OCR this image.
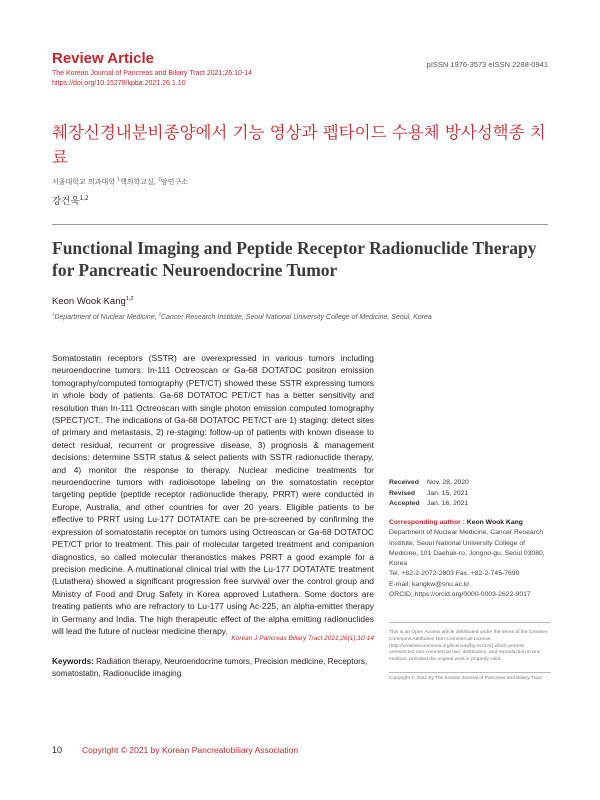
Review Article
The Korean Journal of Pancreas and Biliary Tract 2021;26:10-14
https://doi.org/10.15279/kpba.2021.26.1.10
pISSN 1976-3573 eISSN 2288-0941
췌장신경내분비종양에서 기능 영상과 펩타이드 수용체 방사성핵종 치료
서울대학교 의과대학 $^1$핵의학교실, $^2$암연구소
강건욱$^{1,2}$
Functional Imaging and Peptide Receptor Radionuclide Therapy for Pancreatic Neuroendocrine Tumor
Keon Wook Kang$^{1,2}$
$^1$Department of Nuclear Medicine, $^2$Cancer Research Institute, Seoul National University College of Medicine, Seoul, Korea
Somatostatin receptors (SSTR) are overexpressed in various tumors including neuroendocrine tumors. In-111 Octreoscan or Ga-68 DOTATOC positron emission tomography/computed tomography (PET/CT) showed these SSTR expressing tumors in whole body of patients. Ga-68 DOTATOC PET/CT has a better sensitivity and resolution than In-111 Octreoscan with single photon emission computed tomography (SPECT)/CT.. The indications of Ga-68 DOTATOC PET/CT are 1) staging: detect sites of primary and metastasis, 2) re-staging: follow-up of patients with known disease to detect residual, recurrent or progressive disease, 3) prognosis & management decisions: determine SSTR status & select patients with SSTR radionuclide therapy, and 4) monitor the response to therapy. Nuclear medicine treatments for neuroendocrine tumors with radioisotope labeling on the somatostatin receptor targeting peptide (peptide receptor radionuclide therapy, PRRT) were conducted in Europe, Australia, and other countries for over 20 years. Eligible patients to be effective to PRRT using Lu-177 DOTATATE can be pre-screened by confirming the expression of somatostatin receptor on tumors using Octreoscan or Ga-68 DOTATOC PET/CT prior to treatment. This pair of molecular targeted treatment and companion diagnostics, so called molecular theranostics makes PRRT a good example for a precision medicine. A multinational clinical trial with the Lu-177 DOTATATE treatment (Lutathera) showed a significant progression free survival over the control group and Ministry of Food and Drug Safety in Korea approved Lutathera. Some doctors are treating patients who are refractory to Lu-177 using Ac-225, an alpha-emitter therapy in Germany and India. The high therapeutic effect of the alpha emitting radionuclides will lead the future of nuclear medicine therapy.
Korean J Pancreas Biliary Tract 2021;26(1):10-14
Keywords: Radiation therapy, Neuroendocrine tumors, Precision medicine, Receptors, somatostatin, Radionuclide imaging
Received	Nov. 28, 2020
Revised	Jan. 15, 2021
Accepted	Jan. 16, 2021
Corresponding author : Keon Wook Kang
Department of Nuclear Medicine, Cancer Research Institute, Seoul National University College of Medicine, 101 Daehak-ro, Jongno-gu, Seoul 03080, Korea
Tel. +82-2-2072-2803 Fax. +82-2-745-7690
E-mail; kangkw@snu.ac.kr
ORCID; https://orcid.org/0000-0003-2622-9017
This is an Open Access article distributed under the terms of the Creative Commons Attribution Non-Commercial License (http://creativecommons.org/licenses/by-nc/3.0/) which permits unrestricted non-commercial use, distribution, and reproduction in any medium, provided the original work is properly cited.
Copyright © 2021 by The Korean Journal of Pancreas and Biliary Tract
10 Copyright © 2021 by Korean Pancreatobiliary Association
